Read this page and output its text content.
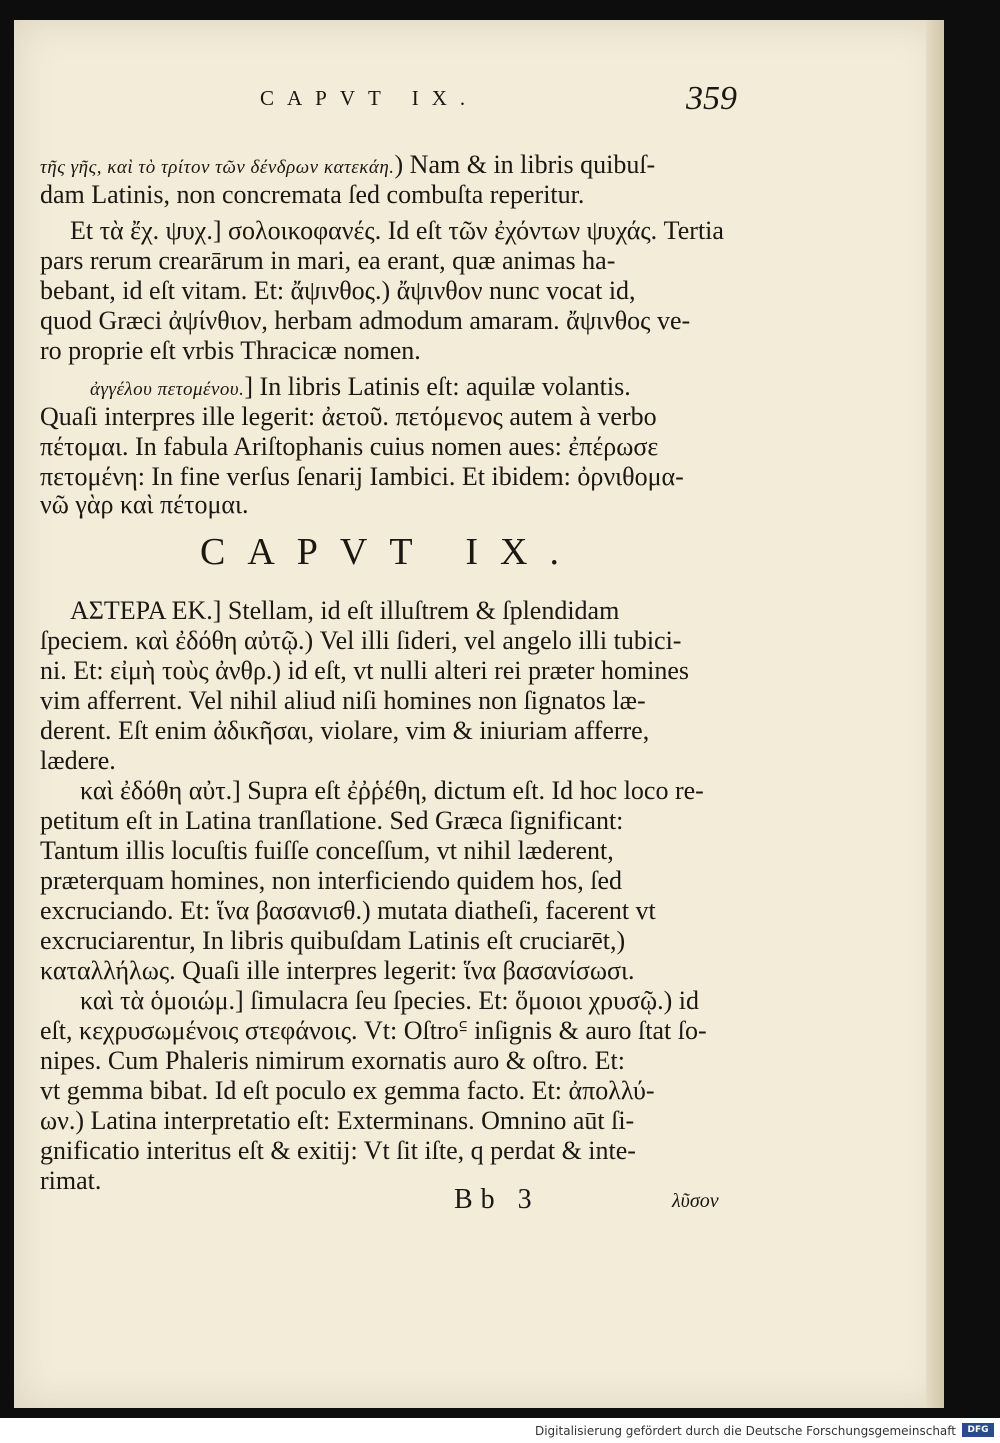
CAPVT IX.	359
τῆς γῆς, καὶ τὸ τρίτον τῶν δένδρων κατεκάη.) Nam & in libris quibuſ-
dam Latinis, non concremata ſed combuſta reperitur.
Et τὰ ἔχ. ψυχ.] σολοικοφανές. Id eſt τῶν ἐχόντων ψυχάς. Tertia
pars rerum crearārum in mari, ea erant, quæ animas ha-
bebant, id eſt vitam. Et: ἄψινθος.) ἄψινθον nunc vocat id,
quod Græci ἀψίνθιον, herbam admodum amaram. ἄψινθος ve-
ro proprie eſt vrbis Thracicæ nomen.
ἀγγέλου πετομένου.] In libris Latinis eſt: aquilæ volantis.
Quaſi interpres ille legerit: ἀετοῦ. πετόμενος autem à verbo
πέτομαι. In fabula Ariſtophanis cuius nomen aues: ἐπέρωσε
πετομένη: In fine verſus ſenarij Iambici. Et ibidem: ὀρνιθομα-
νῶ γὰρ καὶ πέτομαι.
CAPVT IX.
ΑΣΤΕΡΑ ΕΚ.] Stellam, id eſt illuſtrem & ſplendidam
ſpeciem. καὶ ἐδόθη αὐτῷ.) Vel illi ſideri, vel angelo illi tubici-
ni. Et: εἰμὴ τοὺς ἀνθρ.) id eſt, vt nulli alteri rei præter homines
vim afferrent. Vel nihil aliud niſi homines non ſignatos læ-
derent. Eſt enim ἀδικῆσαι, violare, vim & iniuriam afferre,
lædere.
καὶ ἐδόθη αὐτ.] Supra eſt ἐῤῥέθη, dictum eſt. Id hoc loco re-
petitum eſt in Latina tranſlatione. Sed Græca ſignificant:
Tantum illis locuſtis fuiſſe conceſſum, vt nihil læderent,
præterquam homines, non interficiendo quidem hos, ſed
excruciando. Et: ἵνα βασανισθ.) mutata diatheſi, facerent vt
excruciarentur, In libris quibuſdam Latinis eſt cruciarēt,)
καταλλήλως. Quaſi ille interpres legerit: ἵνα βασανίσωσι.
καὶ τὰ ὁμοιώμ.] ſimulacra ſeu ſpecies. Et: ὅμοιοι χρυσῷ.) id
eſt, κεχρυσωμένοις στεφάνοις. Vt: Oſtro꜃ inſignis & auro ſtat ſo-
nipes. Cum Phaleris nimirum exornatis auro & oſtro. Et:
vt gemma bibat. Id eſt poculo ex gemma facto. Et: ἀπολλύ-
ων.) Latina interpretatio eſt: Exterminans. Omnino aūt ſi-
gnificatio interitus eſt & exitij: Vt ſit iſte, q perdat & inte-
rimat.
Bb 3	λῦσον
Digitalisierung gefördert durch die Deutsche Forschungsgemeinschaft	DFG
